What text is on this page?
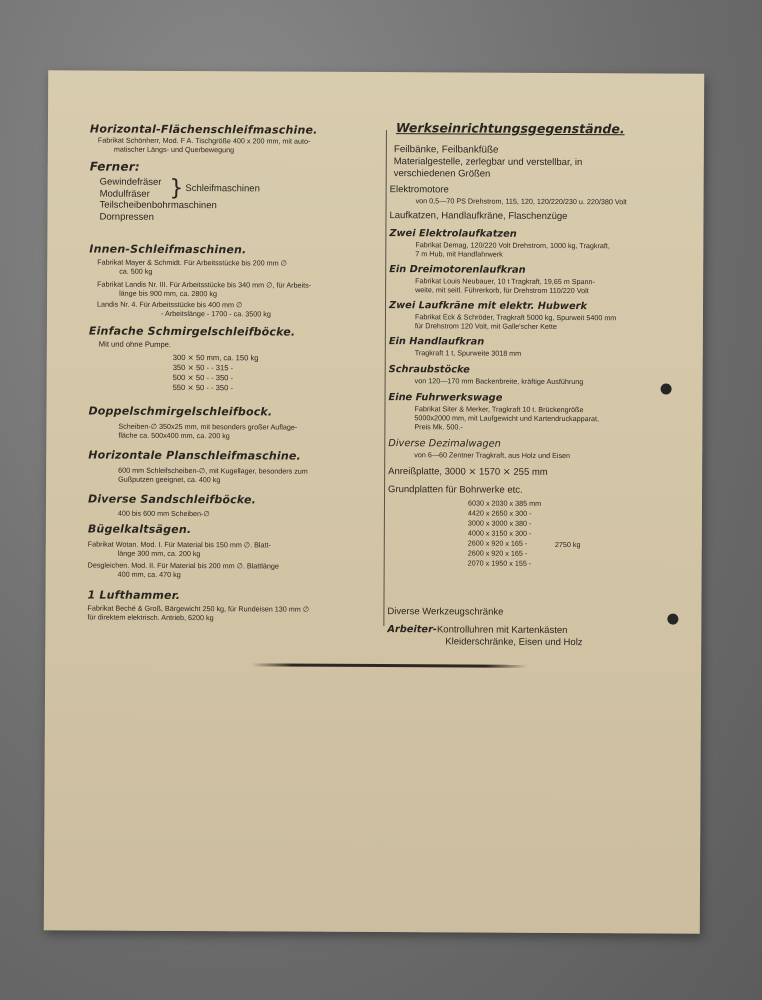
Horizontal-Flächenschleifmaschine.

Fabrikat Schönherr, Mod. F A. Tischgröße 400 x 200 mm, mit auto-

matischer Längs- und Querbewegung

Ferner:

Gewindefräser

Modulfräser } Schleifmaschinen

Teilscheibenbohrmaschinen

Dornpressen

Innen-Schleifmaschinen.

Fabrikat Mayer & Schmidt. Für Arbeitsstücke bis 200 mm ∅

ca. 500 kg

Fabrikat Landis Nr. III. Für Arbeitsstücke bis 340 mm ∅, für Arbeits-

länge bis 900 mm, ca. 2800 kg

Landis Nr. 4. Für Arbeitsstücke bis 400 mm ∅

- Arbeitslänge - 1700 - ca. 3500 kg

Einfache Schmirgelschleifböcke.

Mit und ohne Pumpe.

300 ⨯ 50 mm, ca. 150 kg

350 ⨯ 50 - - 315 -

500 ⨯ 50 - - 350 -

550 ⨯ 50 - - 350 -

Doppelschmirgelschleifbock.

Scheiben-∅ 350x25 mm, mit besonders großer Auflage-

fläche ca. 500x400 mm, ca. 200 kg

Horizontale Planschleifmaschine.

600 mm Schleifscheiben-∅, mit Kugellager, besonders zum

Gußputzen geeignet, ca. 400 kg

Diverse Sandschleifböcke.

400 bis 600 mm Scheiben-∅

Bügelkaltsägen.

Fabrikat Wotan. Mod. I. Für Material bis 150 mm ∅. Blatt-

länge 300 mm, ca. 200 kg

Desgleichen. Mod. II. Für Material bis 200 mm ∅. Blattlänge

400 mm, ca. 470 kg

1 Lufthammer.

Fabrikat Beché & Groß, Bärgewicht 250 kg, für Rundeisen 130 mm ∅

für direktem elektrisch. Antrieb, 6200 kg

Werkseinrichtungsgegenstände.

Feilbänke, Feilbankfüße

Materialgestelle, zerlegbar und verstellbar, in

verschiedenen Größen

Elektromotore

von 0,5—70 PS Drehstrom, 115, 120, 120/220/230 u. 220/380 Volt

Laufkatzen, Handlaufkräne, Flaschenzüge

Zwei Elektrolaufkatzen

Fabrikat Demag, 120/220 Volt Drehstrom, 1000 kg, Tragkraft,

7 m Hub, mit Handfahrwerk

Ein Dreimotorenlaufkran

Fabrikat Louis Neubauer, 10 t Tragkraft, 19,65 m Spann-

weite, mit seitl. Führerkorb, für Drehstrom 110/220 Volt

Zwei Laufkräne mit elektr. Hubwerk

Fabrikat Eck & Schröder, Tragkraft 5000 kg, Spurweit 5400 mm

für Drehstrom 120 Volt, mit Galle'scher Kette

Ein Handlaufkran

Tragkraft 1 t, Spurweite 3018 mm

Schraubstöcke

von 120—170 mm Backenbreite, kräftige Ausführung

Eine Fuhrwerkswage

Fabrikat Siter & Merker, Tragkraft 10 t. Brückengröße

5000x2000 mm, mit Laufgewicht und Kartendruckapparat,

Preis Mk. 500.-

Diverse Dezimalwagen

von 6—60 Zentner Tragkraft, aus Holz und Eisen

Anreißplatte, 3000 ⨯ 1570 ⨯ 255 mm

Grundplatten für Bohrwerke etc.

6030 x 2030 x 385 mm

4420 x 2650 x 300 -

3000 x 3000 x 380 -

4000 x 3150 x 300 -

2600 x 920 x 165 -

2600 x 920 x 165 -

2070 x 1950 x 155 -

2750 kg

Diverse Werkzeugschränke

Arbeiter-Kontrolluhren mit Kartenkästen

Kleiderschränke, Eisen und Holz
